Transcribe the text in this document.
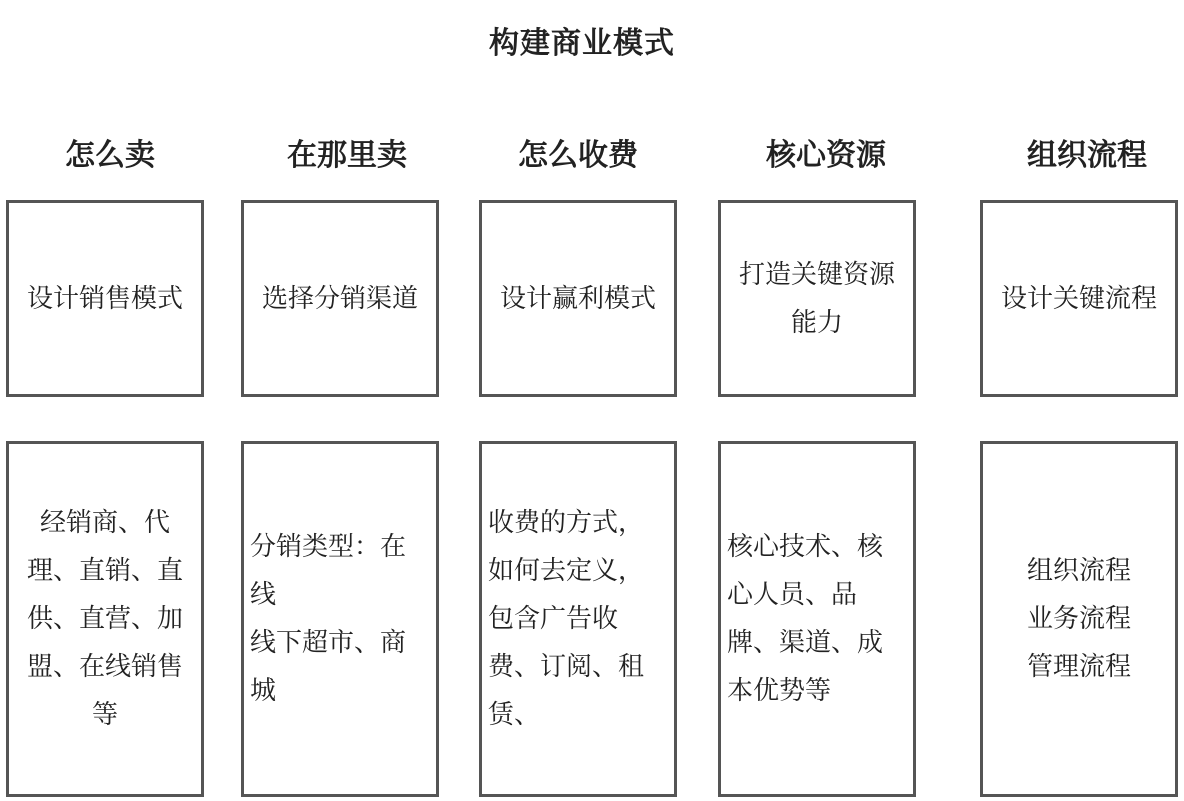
构建商业模式
怎么卖
设计销售模式
经销商、代
理、直销、直
供、直营、加
盟、在线销售
等
在那里卖
选择分销渠道
分销类型：在
线
线下超市、商
城
怎么收费
设计赢利模式
收费的方式，
如何去定义，
包含广告收
费、订阅、租
赁、
核心资源
打造关键资源
能力
核心技术、核
心人员、品
牌、渠道、成
本优势等
组织流程
设计关键流程
组织流程
业务流程
管理流程
